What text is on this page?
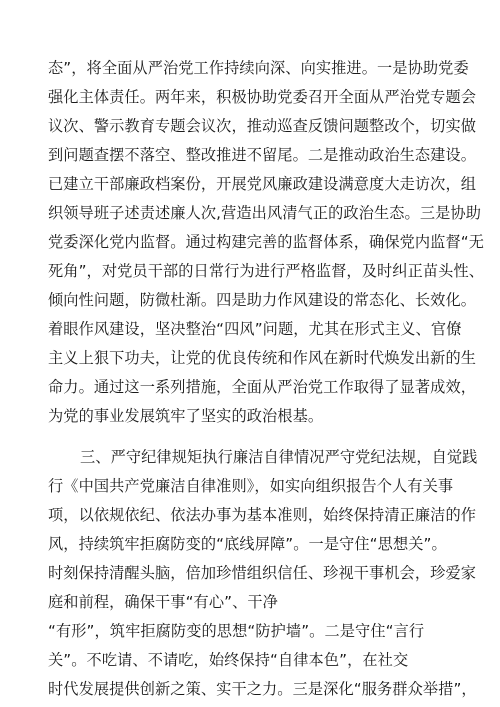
态”，将全面从严治党工作持续向深、向实推进。一是协助党委
强化主体责任。两年来，积极协助党委召开全面从严治党专题会
议次、警示教育专题会议次，推动巡查反馈问题整改个，切实做
到问题查摆不落空、整改推进不留尾。二是推动政治生态建设。
已建立干部廉政档案份，开展党风廉政建设满意度大走访次，组
织领导班子述责述廉人次,营造出风清气正的政治生态。三是协助
党委深化党内监督。通过构建完善的监督体系，确保党内监督“无
死角”，对党员干部的日常行为进行严格监督，及时纠正苗头性、
倾向性问题，防微杜渐。四是助力作风建设的常态化、长效化。
着眼作风建设，坚决整治“四风”问题，尤其在形式主义、官僚
主义上狠下功夫，让党的优良传统和作风在新时代焕发出新的生
命力。通过这一系列措施，全面从严治党工作取得了显著成效，
为党的事业发展筑牢了坚实的政治根基。
三、严守纪律规矩执行廉洁自律情况严守党纪法规，自觉践
行《中国共产党廉洁自律准则》，如实向组织报告个人有关事
项，以依规依纪、依法办事为基本准则，始终保持清正廉洁的作
风，持续筑牢拒腐防变的“底线屏障”。一是守住“思想关”。
时刻保持清醒头脑，倍加珍惜组织信任、珍视干事机会，珍爱家
庭和前程，确保干事“有心”、干净
“有形”，筑牢拒腐防变的思想“防护墙”。二是守住“言行
关”。不吃请、不请吃，始终保持“自律本色”，在社交
时代发展提供创新之策、实干之力。三是深化“服务群众举措”，
